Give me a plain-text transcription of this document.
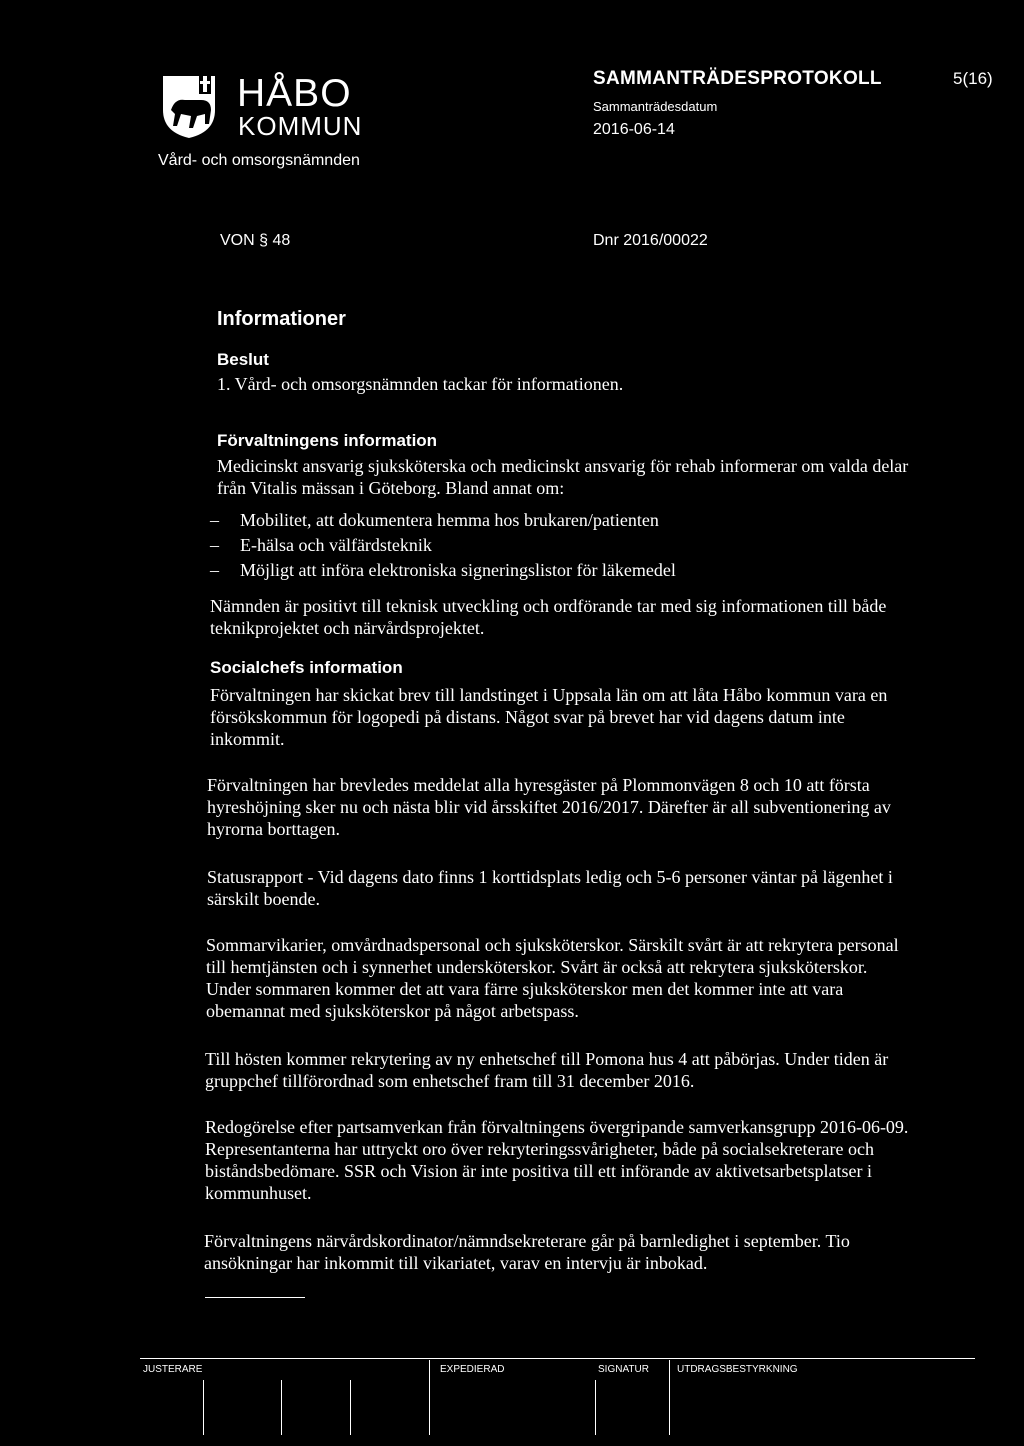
HÅBO
KOMMUN
Vård- och omsorgsnämnden
SAMMANTRÄDESPROTOKOLL	5(16)
Sammanträdesdatum
2016-06-14
VON § 48	Dnr 2016/00022
Informationer
Beslut
1. Vård- och omsorgsnämnden tackar för informationen.
Förvaltningens information
Medicinskt ansvarig sjuksköterska och medicinskt ansvarig för rehab informerar om valda delar från Vitalis mässan i Göteborg. Bland annat om:
– Mobilitet, att dokumentera hemma hos brukaren/patienten
– E-hälsa och välfärdsteknik
– Möjligt att införa elektroniska signeringslistor för läkemedel
Nämnden är positivt till teknisk utveckling och ordförande tar med sig informationen till både teknikprojektet och närvårdsprojektet.
Socialchefs information
Förvaltningen har skickat brev till landstinget i Uppsala län om att låta Håbo kommun vara en försökskommun för logopedi på distans. Något svar på brevet har vid dagens datum inte inkommit.
Förvaltningen har brevledes meddelat alla hyresgäster på Plommonvägen 8 och 10 att första hyreshöjning sker nu och nästa blir vid årsskiftet 2016/2017. Därefter är all subventionering av hyrorna borttagen.
Statusrapport - Vid dagens dato finns 1 korttidsplats ledig och 5-6 personer väntar på lägenhet i särskilt boende.
Sommarvikarier, omvårdnadspersonal och sjuksköterskor. Särskilt svårt är att rekrytera personal till hemtjänsten och i synnerhet undersköterskor. Svårt är också att rekrytera sjuksköterskor. Under sommaren kommer det att vara färre sjuksköterskor men det kommer inte att vara obemannat med sjuksköterskor på något arbetspass.
Till hösten kommer rekrytering av ny enhetschef till Pomona hus 4 att påbörjas. Under tiden är gruppchef tillförordnad som enhetschef fram till 31 december 2016.
Redogörelse efter partsamverkan från förvaltningens övergripande samverkansgrupp 2016-06-09. Representanterna har uttryckt oro över rekryteringssvårigheter, både på socialsekreterare och biståndsbedömare. SSR och Vision är inte positiva till ett införande av aktivetsarbetsplatser i kommunhuset.
Förvaltningens närvårdskordinator/nämndsekreterare går på barnledighet i september. Tio ansökningar har inkommit till vikariatet, varav en intervju är inbokad.
JUSTERARE	EXPEDIERAD	SIGNATUR	UTDRAGSBESTYRKNING
